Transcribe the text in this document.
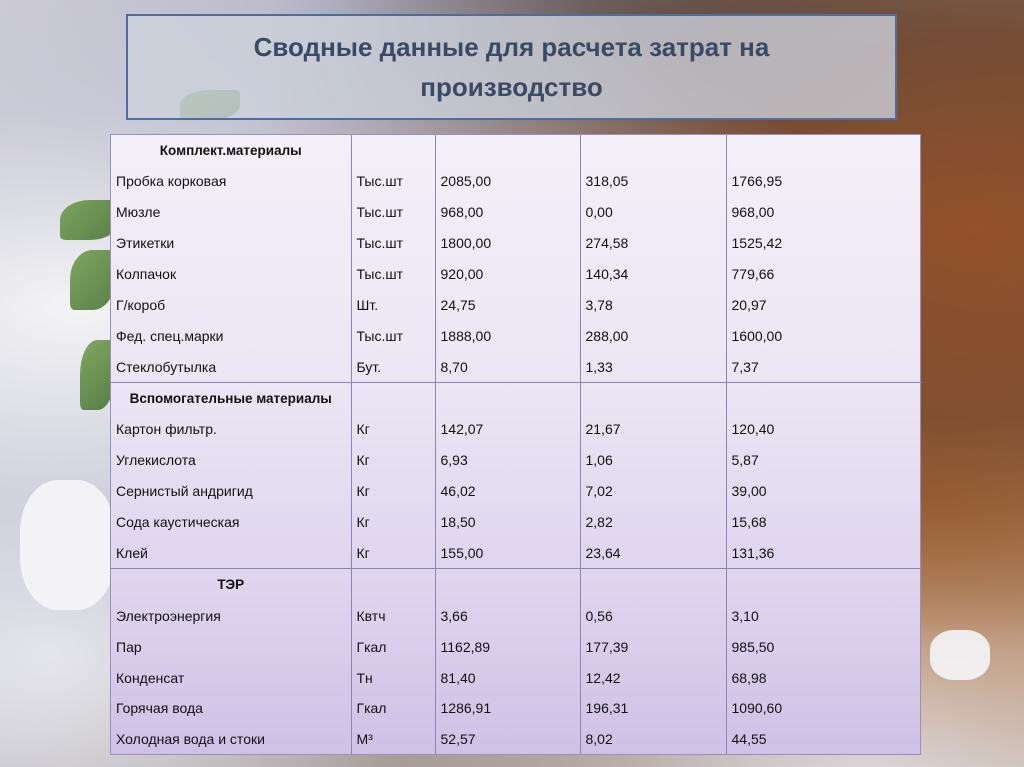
Сводные данные для расчета затрат на производство
Комплект.материалы				
Пробка корковая	Тыс.шт	2085,00	318,05	1766,95
Мюзле	Тыс.шт	968,00	0,00	968,00
Этикетки	Тыс.шт	1800,00	274,58	1525,42
Колпачок	Тыс.шт	920,00	140,34	779,66
Г/короб	Шт.	24,75	3,78	20,97
Фед. спец.марки	Тыс.шт	1888,00	288,00	1600,00
Стеклобутылка	Бут.	8,70	1,33	7,37
Вспомогательные материалы				
Картон фильтр.	Кг	142,07	21,67	120,40
Углекислота	Кг	6,93	1,06	5,87
Сернистый андригид	Кг	46,02	7,02	39,00
Сода каустическая	Кг	18,50	2,82	15,68
Клей	Кг	155,00	23,64	131,36
ТЭР				
Электроэнергия	Квтч	3,66	0,56	3,10
Пар	Гкал	1162,89	177,39	985,50
Конденсат	Тн	81,40	12,42	68,98
Горячая вода	Гкал	1286,91	196,31	1090,60
Холодная вода и стоки	М³	52,57	8,02	44,55
